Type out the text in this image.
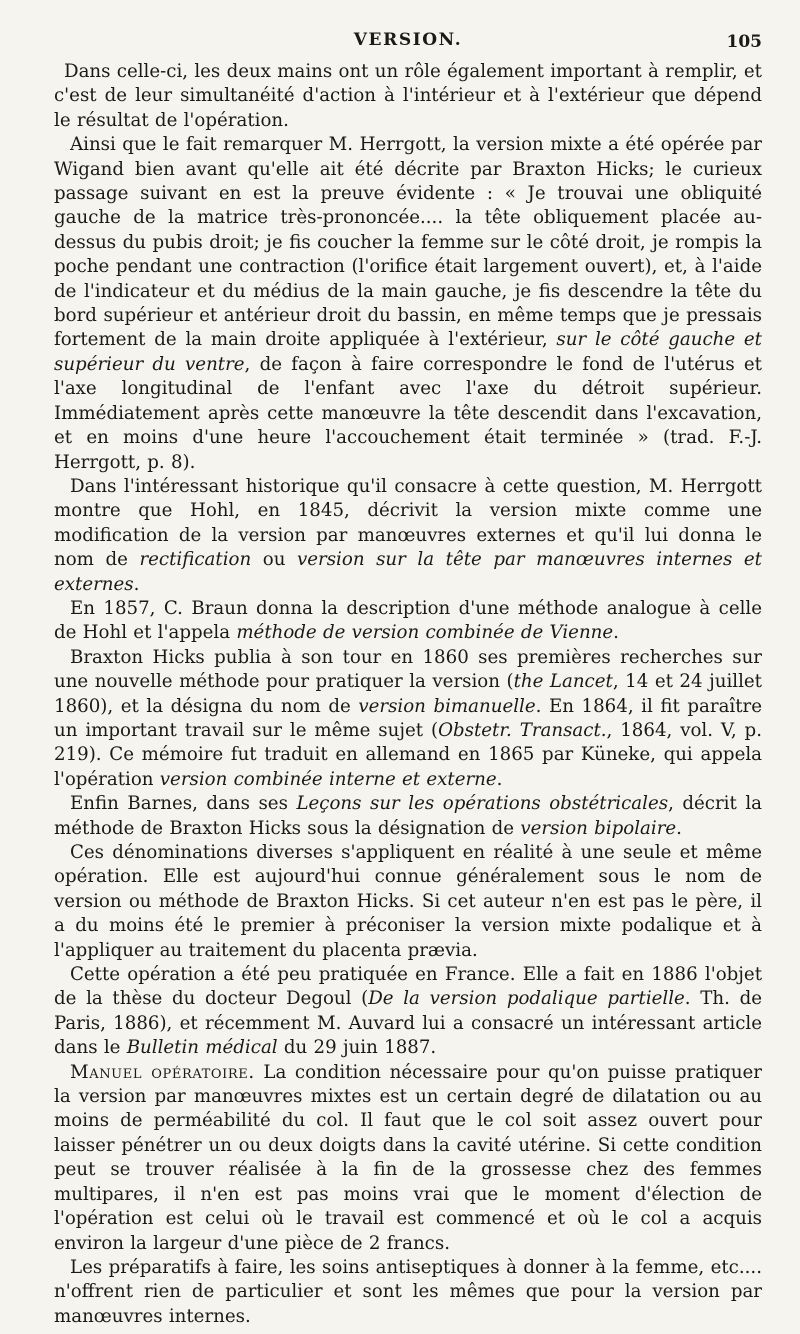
VERSION.	105

Dans celle-ci, les deux mains ont un rôle également important à remplir, et c'est de leur simultanéité d'action à l'intérieur et à l'extérieur que dépend le résultat de l'opération.

Ainsi que le fait remarquer M. Herrgott, la version mixte a été opérée par Wigand bien avant qu'elle ait été décrite par Braxton Hicks; le curieux passage suivant en est la preuve évidente : « Je trouvai une obliquité gauche de la matrice très-prononcée.... la tête obliquement placée au-dessus du pubis droit; je fis coucher la femme sur le côté droit, je rompis la poche pendant une contraction (l'orifice était largement ouvert), et, à l'aide de l'indicateur et du médius de la main gauche, je fis descendre la tête du bord supérieur et antérieur droit du bassin, en même temps que je pressais fortement de la main droite appliquée à l'extérieur, sur le côté gauche et supérieur du ventre, de façon à faire correspondre le fond de l'utérus et l'axe longitudinal de l'enfant avec l'axe du détroit supérieur. Immédiatement après cette manœuvre la tête descendit dans l'excavation, et en moins d'une heure l'accouchement était terminée » (trad. F.-J. Herrgott, p. 8).

Dans l'intéressant historique qu'il consacre à cette question, M. Herrgott montre que Hohl, en 1845, décrivit la version mixte comme une modification de la version par manœuvres externes et qu'il lui donna le nom de rectification ou version sur la tête par manœuvres internes et externes.

En 1857, C. Braun donna la description d'une méthode analogue à celle de Hohl et l'appela méthode de version combinée de Vienne.

Braxton Hicks publia à son tour en 1860 ses premières recherches sur une nouvelle méthode pour pratiquer la version (the Lancet, 14 et 24 juillet 1860), et la désigna du nom de version bimanuelle. En 1864, il fit paraître un important travail sur le même sujet (Obstetr. Transact., 1864, vol. V, p. 219). Ce mémoire fut traduit en allemand en 1865 par Küneke, qui appela l'opération version combinée interne et externe.

Enfin Barnes, dans ses Leçons sur les opérations obstétricales, décrit la méthode de Braxton Hicks sous la désignation de version bipolaire.

Ces dénominations diverses s'appliquent en réalité à une seule et même opération. Elle est aujourd'hui connue généralement sous le nom de version ou méthode de Braxton Hicks. Si cet auteur n'en est pas le père, il a du moins été le premier à préconiser la version mixte podalique et à l'appliquer au traitement du placenta prævia.

Cette opération a été peu pratiquée en France. Elle a fait en 1886 l'objet de la thèse du docteur Degoul (De la version podalique partielle. Th. de Paris, 1886), et récemment M. Auvard lui a consacré un intéressant article dans le Bulletin médical du 29 juin 1887.

Manuel opératoire. La condition nécessaire pour qu'on puisse pratiquer la version par manœuvres mixtes est un certain degré de dilatation ou au moins de perméabilité du col. Il faut que le col soit assez ouvert pour laisser pénétrer un ou deux doigts dans la cavité utérine. Si cette condition peut se trouver réalisée à la fin de la grossesse chez des femmes multipares, il n'en est pas moins vrai que le moment d'élection de l'opération est celui où le travail est commencé et où le col a acquis environ la largeur d'une pièce de 2 francs.

Les préparatifs à faire, les soins antiseptiques à donner à la femme, etc.... n'offrent rien de particulier et sont les mêmes que pour la version par manœuvres internes.
